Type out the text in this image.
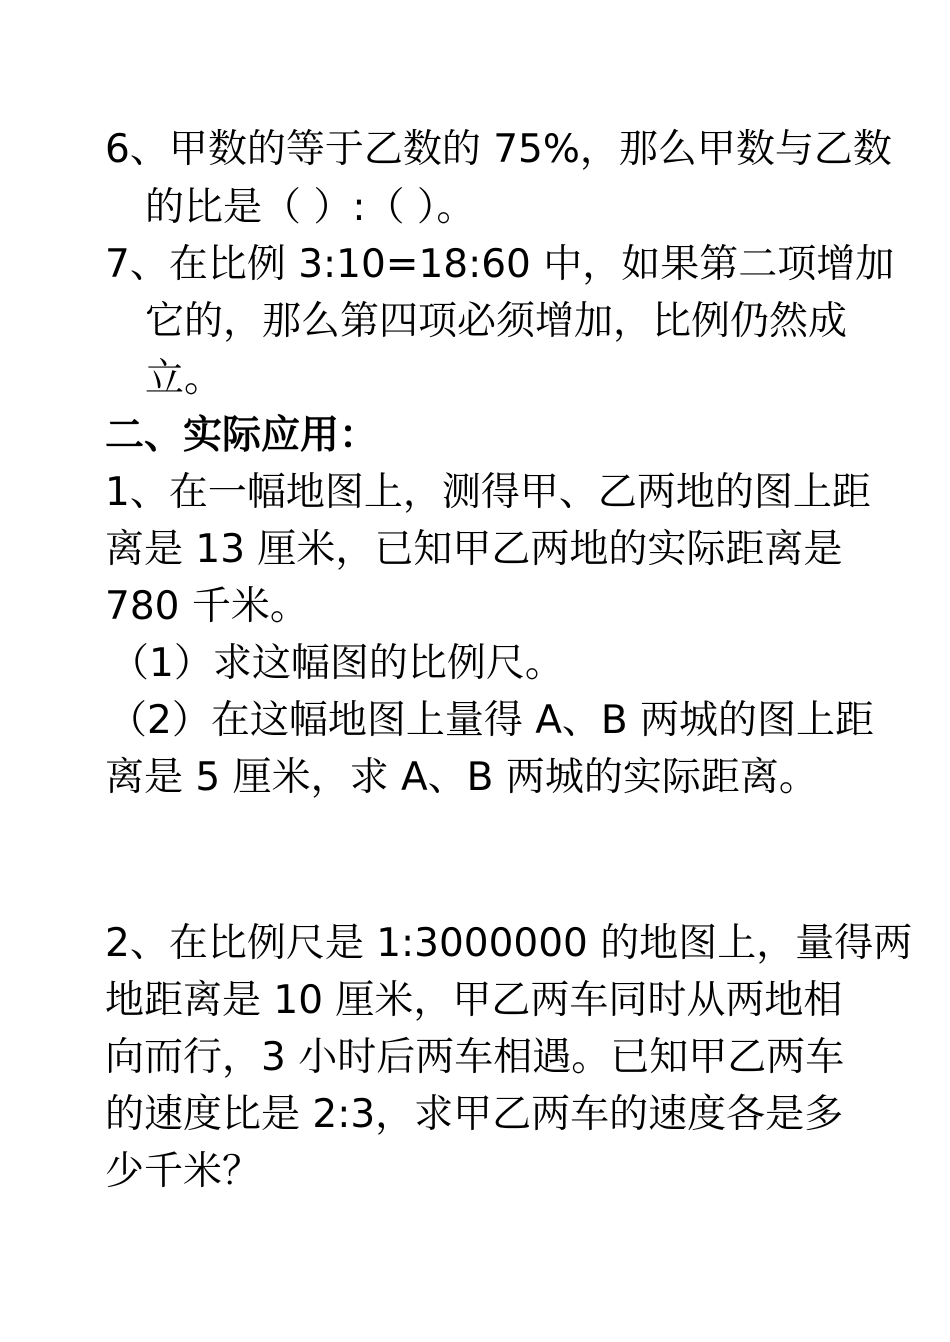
6、甲数的等于乙数的 75%，那么甲数与乙数
的比是（ ）:（ ）。
7、在比例 3:10=18:60 中，如果第二项增加
它的，那么第四项必须增加，比例仍然成
立。
二、实际应用：
1、在一幅地图上，测得甲、乙两地的图上距
离是 13 厘米，已知甲乙两地的实际距离是
780 千米。
（1）求这幅图的比例尺。
（2）在这幅地图上量得 A、B 两城的图上距
离是 5 厘米，求 A、B 两城的实际距离。
2、在比例尺是 1:3000000 的地图上，量得两
地距离是 10 厘米，甲乙两车同时从两地相
向而行，3 小时后两车相遇。已知甲乙两车
的速度比是 2:3，求甲乙两车的速度各是多
少千米？
